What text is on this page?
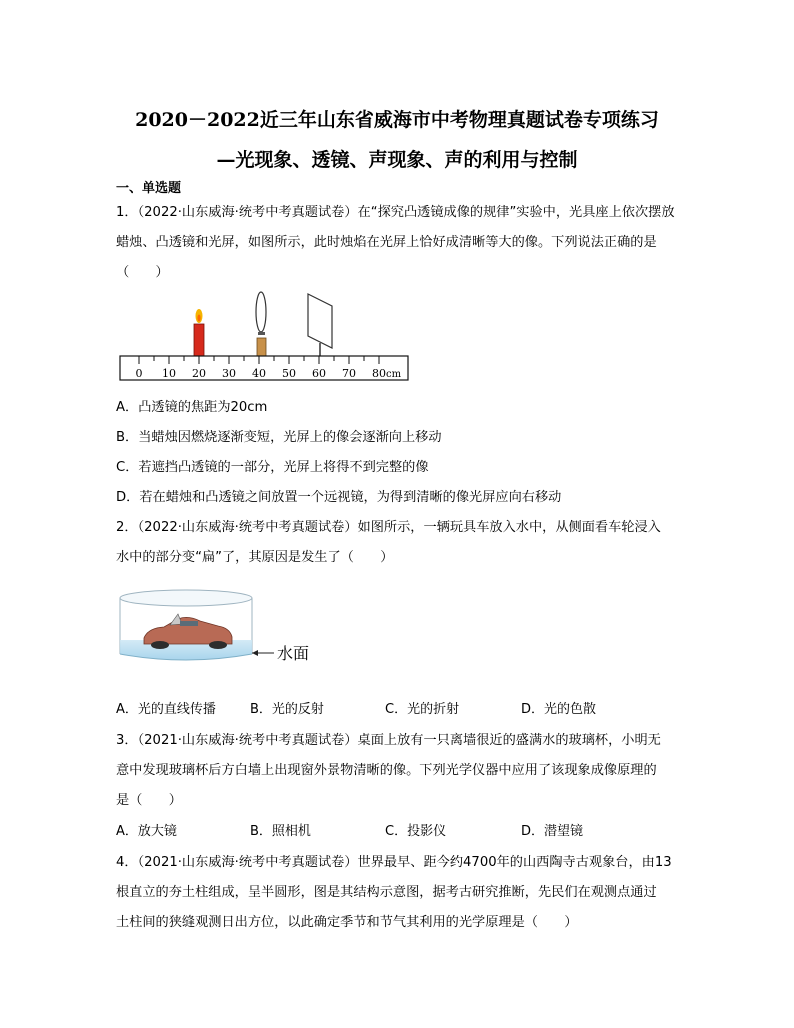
2020－2022近三年山东省威海市中考物理真题试卷专项练习
—光现象、透镜、声现象、声的利用与控制
一、单选题
1．（2022·山东威海·统考中考真题试卷）在“探究凸透镜成像的规律”实验中，光具座上依次摆放
蜡烛、凸透镜和光屏，如图所示，此时烛焰在光屏上恰好成清晰等大的像。下列说法正确的是
（　　）
0 10 20 30 40 50 60 70 80 cm
A．凸透镜的焦距为20cm
B．当蜡烛因燃烧逐渐变短，光屏上的像会逐渐向上移动
C．若遮挡凸透镜的一部分，光屏上将得不到完整的像
D．若在蜡烛和凸透镜之间放置一个远视镜，为得到清晰的像光屏应向右移动
2．（2022·山东威海·统考中考真题试卷）如图所示，一辆玩具车放入水中，从侧面看车轮浸入
水中的部分变“扁”了，其原因是发生了（　　）
水面
A．光的直线传播	B．光的反射	C．光的折射	D．光的色散
3．（2021·山东威海·统考中考真题试卷）桌面上放有一只离墙很近的盛满水的玻璃杯，小明无
意中发现玻璃杯后方白墙上出现窗外景物清晰的像。下列光学仪器中应用了该现象成像原理的
是（　　）
A．放大镜	B．照相机	C．投影仪	D．潜望镜
4．（2021·山东威海·统考中考真题试卷）世界最早、距今约4700年的山西陶寺古观象台，由13
根直立的夯土柱组成，呈半圆形，图是其结构示意图，据考古研究推断，先民们在观测点通过
土柱间的狭缝观测日出方位，以此确定季节和节气其利用的光学原理是（　　）
